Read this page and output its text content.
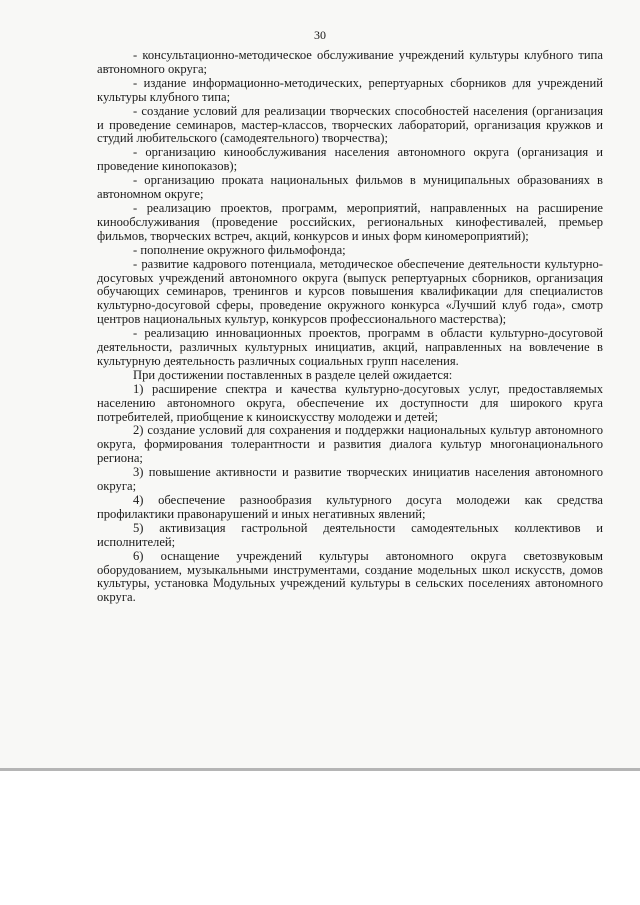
30

- консультационно-методическое обслуживание учреждений культуры клубного типа автономного округа;

- издание информационно-методических, репертуарных сборников для учреждений культуры клубного типа;

- создание условий для реализации творческих способностей населения (организация и проведение семинаров, мастер-классов, творческих лабораторий, организация кружков и студий любительского (самодеятельного) творчества);

- организацию кинообслуживания населения автономного округа (организация и проведение кинопоказов);

- организацию проката национальных фильмов в муниципальных образованиях в автономном округе;

- реализацию проектов, программ, мероприятий, направленных на расширение кинообслуживания (проведение российских, региональных кинофестивалей, премьер фильмов, творческих встреч, акций, конкурсов и иных форм киномероприятий);

- пополнение окружного фильмофонда;

- развитие кадрового потенциала, методическое обеспечение деятельности культурно-досуговых учреждений автономного округа (выпуск репертуарных сборников, организация обучающих семинаров, тренингов и курсов повышения квалификации для специалистов культурно-досуговой сферы, проведение окружного конкурса «Лучший клуб года», смотр центров национальных культур, конкурсов профессионального мастерства);

- реализацию инновационных проектов, программ в области культурно-досуговой деятельности, различных культурных инициатив, акций, направленных на вовлечение в культурную деятельность различных социальных групп населения.

При достижении поставленных в разделе целей ожидается:

1) расширение спектра и качества культурно-досуговых услуг, предоставляемых населению автономного округа, обеспечение их доступности для широкого круга потребителей, приобщение к киноискусству молодежи и детей;

2) создание условий для сохранения и поддержки национальных культур автономного округа, формирования толерантности и развития диалога культур многонационального региона;

3) повышение активности и развитие творческих инициатив населения автономного округа;

4) обеспечение разнообразия культурного досуга молодежи как средства профилактики правонарушений и иных негативных явлений;

5) активизация гастрольной деятельности самодеятельных коллективов и исполнителей;

6) оснащение учреждений культуры автономного округа светозвуковым оборудованием, музыкальными инструментами, создание модельных школ искусств, домов культуры, установка Модульных учреждений культуры в сельских поселениях автономного округа.
